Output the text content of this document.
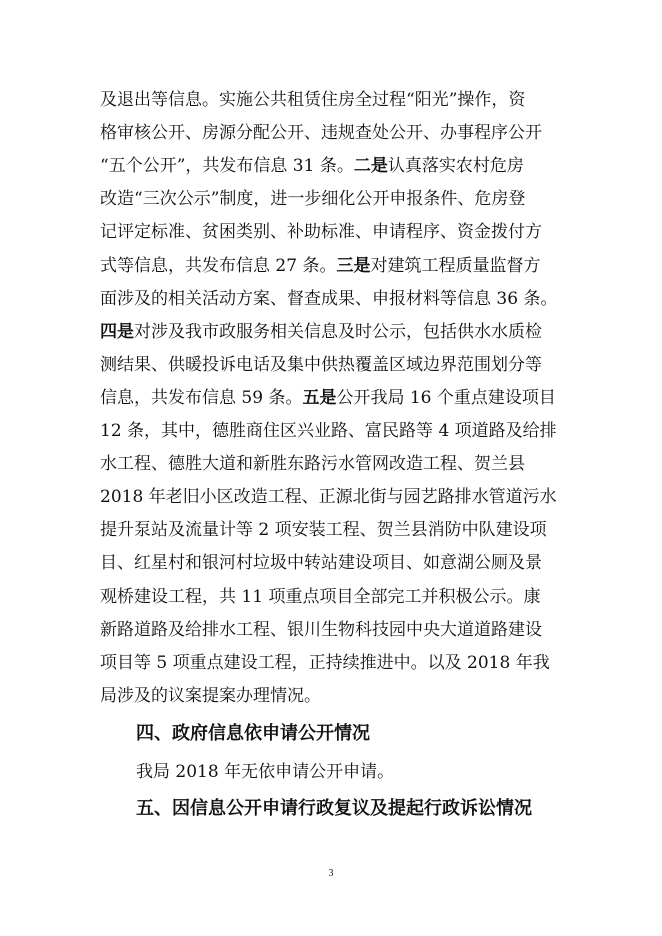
及退出等信息。实施公共租赁住房全过程“阳光”操作，资
格审核公开、房源分配公开、违规查处公开、办事程序公开
“五个公开”，共发布信息 31 条。二是认真落实农村危房
改造“三次公示”制度，进一步细化公开申报条件、危房登
记评定标准、贫困类别、补助标准、申请程序、资金拨付方
式等信息，共发布信息 27 条。三是对建筑工程质量监督方
面涉及的相关活动方案、督查成果、申报材料等信息 36 条。
四是对涉及我市政服务相关信息及时公示，包括供水水质检
测结果、供暖投诉电话及集中供热覆盖区域边界范围划分等
信息，共发布信息 59 条。五是公开我局 16 个重点建设项目
12 条，其中，德胜商住区兴业路、富民路等 4 项道路及给排
水工程、德胜大道和新胜东路污水管网改造工程、贺兰县
2018 年老旧小区改造工程、正源北街与园艺路排水管道污水
提升泵站及流量计等 2 项安装工程、贺兰县消防中队建设项
目、红星村和银河村垃圾中转站建设项目、如意湖公厕及景
观桥建设工程，共 11 项重点项目全部完工并积极公示。康
新路道路及给排水工程、银川生物科技园中央大道道路建设
项目等 5 项重点建设工程，正持续推进中。以及 2018 年我
局涉及的议案提案办理情况。
四、政府信息依申请公开情况
我局 2018 年无依申请公开申请。
五、因信息公开申请行政复议及提起行政诉讼情况
3
